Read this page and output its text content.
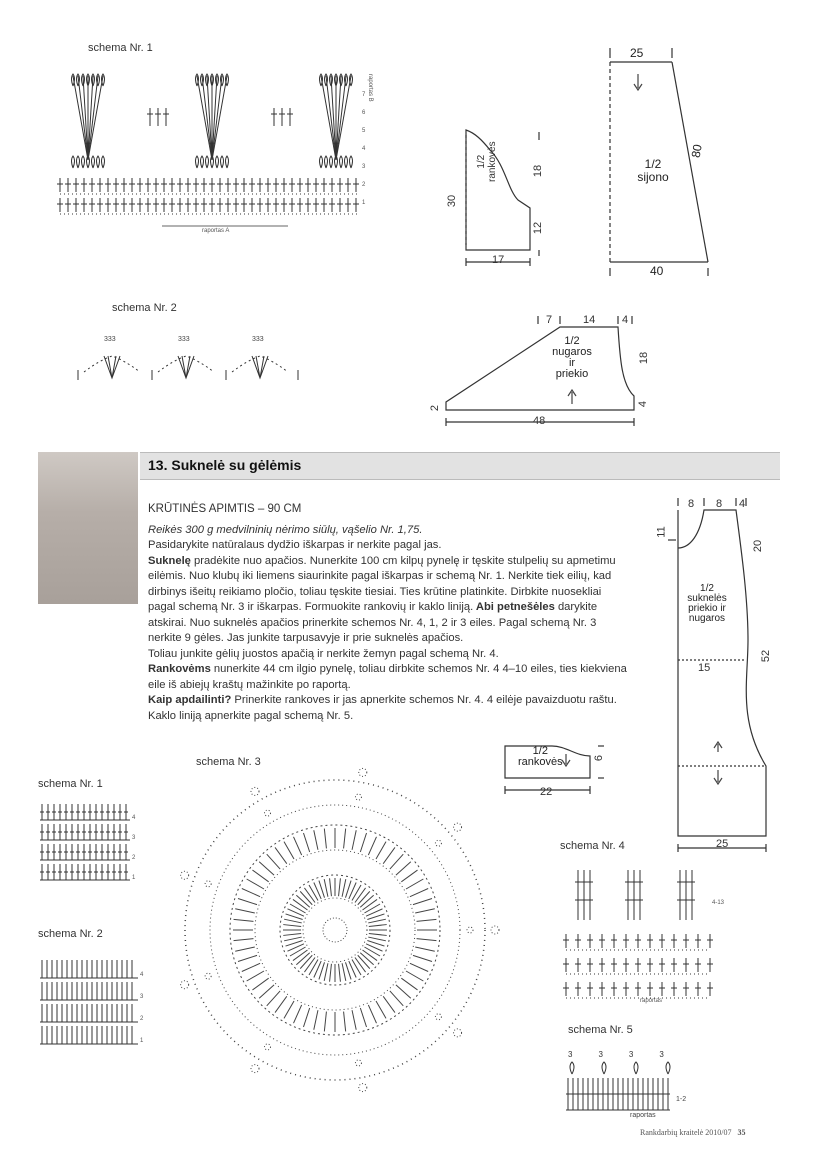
schema Nr. 1
raportas B
raportas A
7
6
5
4
3
2
1
schema Nr. 2
333	333	333
1/2
rankovės
30
18
12
17
25
80
40
1/2
sijono
7	14 4
18
4
2
48
1/2
nugaros
ir
priekio
13. Suknelė su gėlėmis

KRŪTINĖS APIMTIS – 90 CM

Reikės 300 g medvilninių nėrimo siūlų, vąšelio Nr. 1,75.

Pasidarykite natūralaus dydžio iškarpas ir nerkite pagal jas.

Suknelę pradėkite nuo apačios. Nunerkite 100 cm kilpų pynelę ir tęskite stulpelių su apmetimu eilėmis. Nuo klubų iki liemens siaurinkite pagal iškarpas ir schemą Nr. 1. Nerkite tiek eilių, kad dirbinys išeitų reikiamo pločio, toliau tęskite tiesiai. Ties krūtine platinkite. Dirbkite nuosekliai pagal schemą Nr. 3 ir iškarpas. Formuokite rankovių ir kaklo liniją. Abi petnešėles darykite atskirai. Nuo suknelės apačios prinerkite schemos Nr. 4, 1, 2 ir 3 eiles. Pagal schemą Nr. 3 nerkite 9 gėles. Jas junkite tarpusavyje ir prie suknelės apačios.

Toliau junkite gėlių juostos apačią ir nerkite žemyn pagal schemą Nr. 4.

Rankovėms nunerkite 44 cm ilgio pynelę, toliau dirbkite schemos Nr. 4 4–10 eiles, ties kiekviena eile iš abiejų kraštų mažinkite po raportą.

Kaip apdailinti? Prinerkite rankoves ir jas apnerkite schemos Nr. 4. 4 eilėje pavaizduotu raštu. Kaklo liniją apnerkite pagal schemą Nr. 5.

8 8 4
11
20
15
52
25
1/2
suknelės
priekio ir
nugaros
1/2
rankovės	6
22
schema Nr. 1
schema Nr. 2
schema Nr. 3
schema Nr. 4
schema Nr. 5
4
3
2
1
4
3
2
1
raportas
4-13
3	3	3	3
1-2
raportas
Rankdarbių kraitelė 2010/07 35
